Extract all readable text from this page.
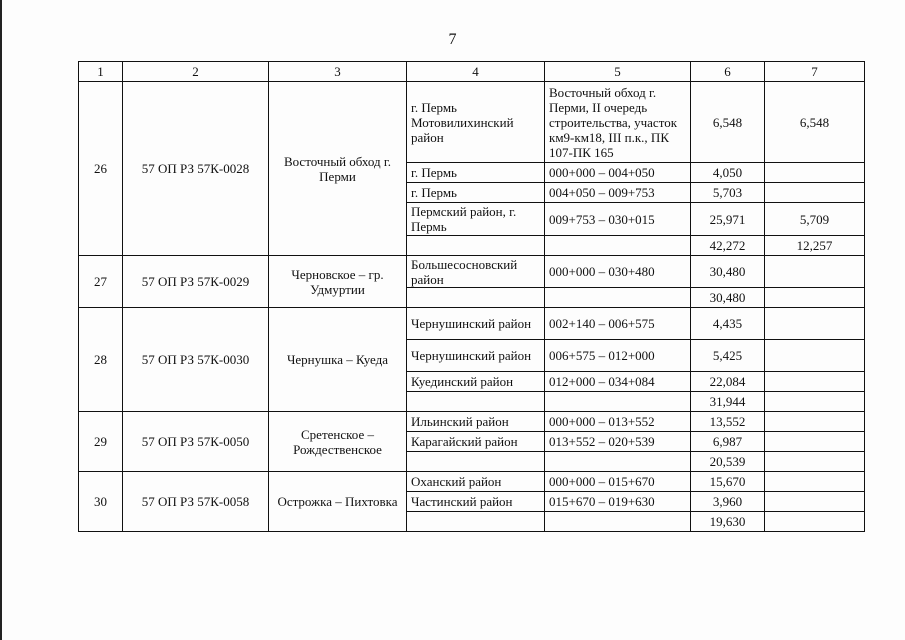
7
1	2	3	4	5	6	7
26	57 ОП РЗ 57К-0028	Восточный обход г. Перми	г. Пермь Мотовилихинский район	Восточный обход г. Перми, II очередь строительства, участок км9-км18, III п.к., ПК 107-ПК 165	6,548	6,548
			г. Пермь	000+000 – 004+050	4,050	
			г. Пермь	004+050 – 009+753	5,703	
			Пермский район, г. Пермь	009+753 – 030+015	25,971	5,709
					42,272	12,257
27	57 ОП РЗ 57К-0029	Черновское – гр. Удмуртии	Большесосновский район	000+000 – 030+480	30,480	
					30,480	
28	57 ОП РЗ 57К-0030	Чернушка – Куеда	Чернушинский район	002+140 – 006+575	4,435	
			Чернушинский район	006+575 – 012+000	5,425	
			Куединский район	012+000 – 034+084	22,084	
					31,944	
29	57 ОП РЗ 57К-0050	Сретенское – Рождественское	Ильинский район	000+000 – 013+552	13,552	
			Карагайский район	013+552 – 020+539	6,987	
					20,539	
30	57 ОП РЗ 57К-0058	Острожка – Пихтовка	Оханский район	000+000 – 015+670	15,670	
			Частинский район	015+670 – 019+630	3,960	
					19,630	
